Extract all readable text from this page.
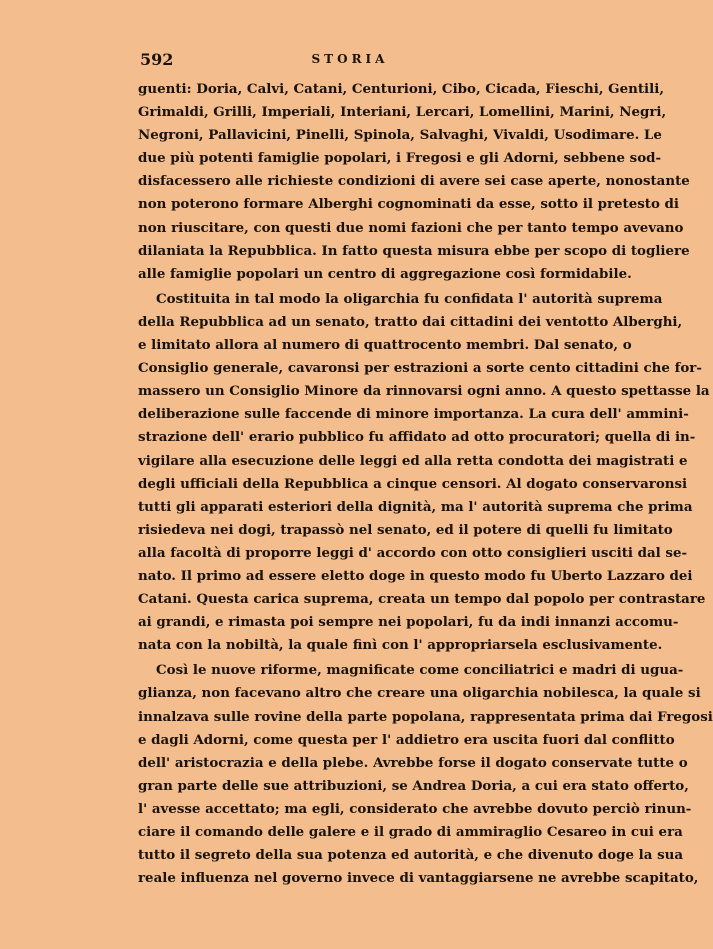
592	STORIA
guenti: Doria, Calvi, Catani, Centurioni, Cibo, Cicada, Fieschi, Gentili,
Grimaldi, Grilli, Imperiali, Interiani, Lercari, Lomellini, Marini, Negri,
Negroni, Pallavicini, Pinelli, Spinola, Salvaghi, Vivaldi, Usodimare. Le
due più potenti famiglie popolari, i Fregosi e gli Adorni, sebbene sod-
disfacessero alle richieste condizioni di avere sei case aperte, nonostante
non poterono formare Alberghi cognominati da esse, sotto il pretesto di
non riuscitare, con questi due nomi fazioni che per tanto tempo avevano
dilaniata la Repubblica. In fatto questa misura ebbe per scopo di togliere
alle famiglie popolari un centro di aggregazione così formidabile.
Costituita in tal modo la oligarchia fu confidata l' autorità suprema
della Repubblica ad un senato, tratto dai cittadini dei ventotto Alberghi,
e limitato allora al numero di quattrocento membri. Dal senato, o
Consiglio generale, cavaronsi per estrazioni a sorte cento cittadini che for-
massero un Consiglio Minore da rinnovarsi ogni anno. A questo spettasse la
deliberazione sulle faccende di minore importanza. La cura dell' ammini-
strazione dell' erario pubblico fu affidato ad otto procuratori; quella di in-
vigilare alla esecuzione delle leggi ed alla retta condotta dei magistrati e
degli ufficiali della Repubblica a cinque censori. Al dogato conservaronsi
tutti gli apparati esteriori della dignità, ma l' autorità suprema che prima
risiedeva nei dogi, trapassò nel senato, ed il potere di quelli fu limitato
alla facoltà di proporre leggi d' accordo con otto consiglieri usciti dal se-
nato. Il primo ad essere eletto doge in questo modo fu Uberto Lazzaro dei
Catani. Questa carica suprema, creata un tempo dal popolo per contrastare
ai grandi, e rimasta poi sempre nei popolari, fu da indi innanzi accomu-
nata con la nobiltà, la quale finì con l' appropriarsela esclusivamente.
Così le nuove riforme, magnificate come conciliatrici e madri di ugua-
glianza, non facevano altro che creare una oligarchia nobilesca, la quale si
innalzava sulle rovine della parte popolana, rappresentata prima dai Fregosi
e dagli Adorni, come questa per l' addietro era uscita fuori dal conflitto
dell' aristocrazia e della plebe. Avrebbe forse il dogato conservate tutte o
gran parte delle sue attribuzioni, se Andrea Doria, a cui era stato offerto,
l' avesse accettato; ma egli, considerato che avrebbe dovuto perciò rinun-
ciare il comando delle galere e il grado di ammiraglio Cesareo in cui era
tutto il segreto della sua potenza ed autorità, e che divenuto doge la sua
reale influenza nel governo invece di vantaggiarsene ne avrebbe scapitato,
